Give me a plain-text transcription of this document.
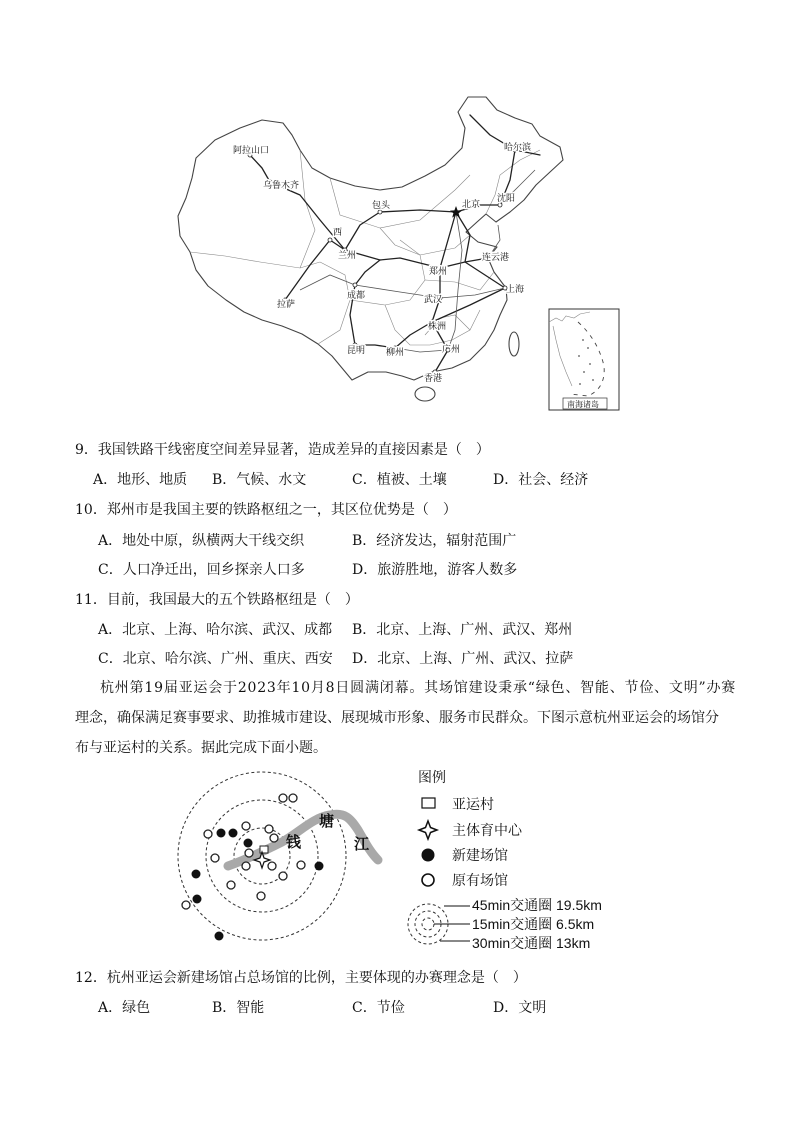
阿拉山口
乌鲁木齐
哈尔滨
包头	北京
沈阳
西
兰州
郑州
连云港
成都	武汉
上海
拉萨
株洲
昆明 柳州	广州
香港
南海诸岛
9．我国铁路干线密度空间差异显著，造成差异的直接因素是（　）
A．地形、地质 B．气候、水文	C．植被、土壤	D．社会、经济
10．郑州市是我国主要的铁路枢纽之一，其区位优势是（　）
A．地处中原，纵横两大干线交织	B．经济发达，辐射范围广
C．人口净迁出，回乡探亲人口多	D．旅游胜地，游客人数多
11．目前，我国最大的五个铁路枢纽是（　）
A．北京、上海、哈尔滨、武汉、成都 B．北京、上海、广州、武汉、郑州
C．北京、哈尔滨、广州、重庆、西安 D．北京、上海、广州、武汉、拉萨
杭州第19届亚运会于2023年10月8日圆满闭幕。其场馆建设秉承“绿色、智能、节俭、文明”办赛
理念，确保满足赛事要求、助推城市建设、展现城市形象、服务市民群众。下图示意杭州亚运会的场馆分
布与亚运村的关系。据此完成下面小题。
钱
塘
江
图例
亚运村
主体育中心
新建场馆
原有场馆
45min交通圈 19.5km
15min交通圈 6.5km
30min交通圈 13km
12．杭州亚运会新建场馆占总场馆的比例，主要体现的办赛理念是（　）
A．绿色	B．智能	C．节俭	D．文明
